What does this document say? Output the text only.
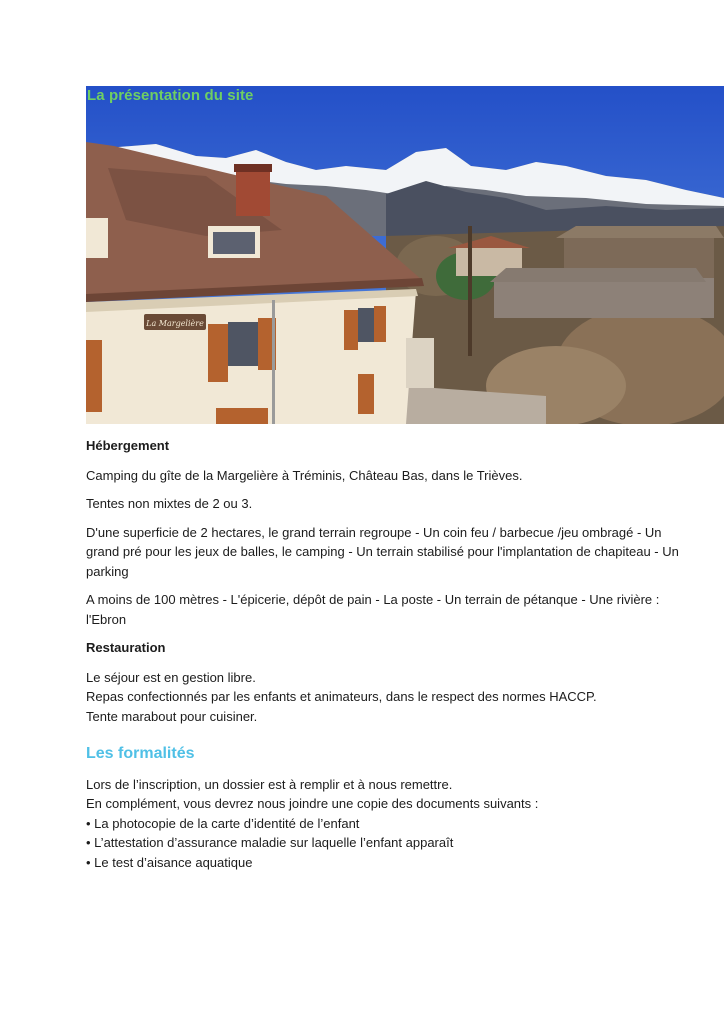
La Margelière
La présentation du site

Hébergement

Camping du gîte de la Margelière à Tréminis, Château Bas, dans le Trièves.

Tentes non mixtes de 2 ou 3.

D'une superficie de 2 hectares, le grand terrain regroupe - Un coin feu / barbecue /jeu ombragé - Un grand pré pour les jeux de balles, le camping - Un terrain stabilisé pour l'implantation de chapiteau - Un parking

A moins de 100 mètres - L'épicerie, dépôt de pain - La poste - Un terrain de pétanque - Une rivière : l'Ebron

Restauration

Le séjour est en gestion libre.
Repas confectionnés par les enfants et animateurs, dans le respect des normes HACCP.
Tente marabout pour cuisiner.

Les formalités

Lors de l’inscription, un dossier est à remplir et à nous remettre.
En complément, vous devrez nous joindre une copie des documents suivants :
• La photocopie de la carte d’identité de l’enfant
• L’attestation d’assurance maladie sur laquelle l’enfant apparaît
• Le test d’aisance aquatique
